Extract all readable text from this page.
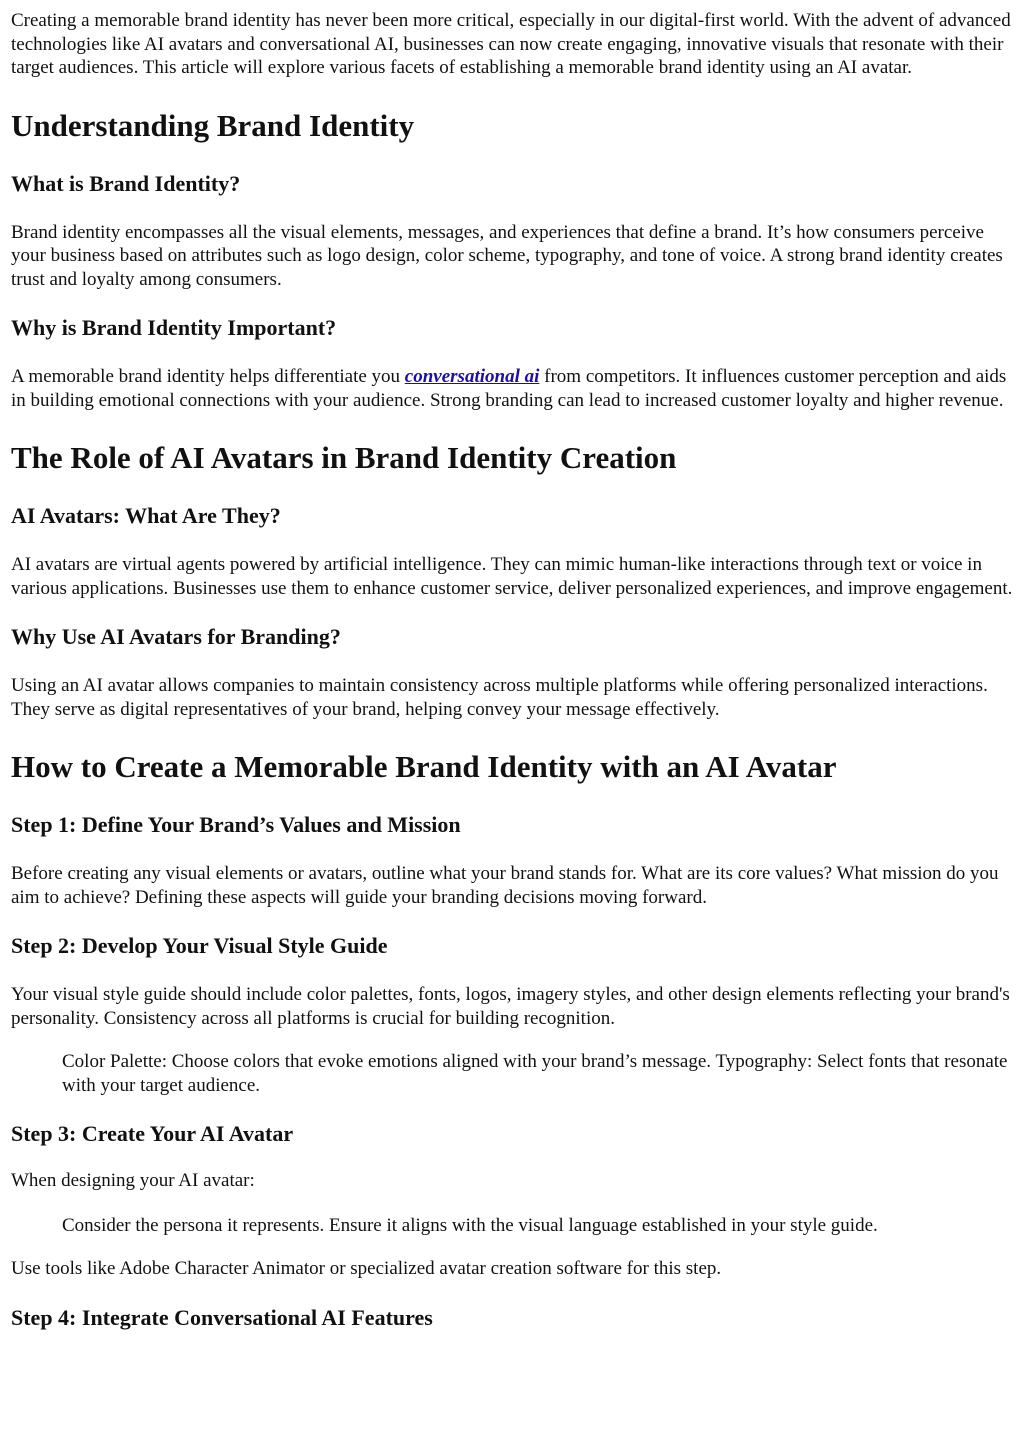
Creating a memorable brand identity has never been more critical, especially in our digital-first world. With the advent of advanced technologies like AI avatars and conversational AI, businesses can now create engaging, innovative visuals that resonate with their target audiences. This article will explore various facets of establishing a memorable brand identity using an AI avatar.

Understanding Brand Identity
What is Brand Identity?

Brand identity encompasses all the visual elements, messages, and experiences that define a brand. It’s how consumers perceive your business based on attributes such as logo design, color scheme, typography, and tone of voice. A strong brand identity creates trust and loyalty among consumers.

Why is Brand Identity Important?

A memorable brand identity helps differentiate you conversational ai from competitors. It influences customer perception and aids in building emotional connections with your audience. Strong branding can lead to increased customer loyalty and higher revenue.

The Role of AI Avatars in Brand Identity Creation
AI Avatars: What Are They?

AI avatars are virtual agents powered by artificial intelligence. They can mimic human-like interactions through text or voice in various applications. Businesses use them to enhance customer service, deliver personalized experiences, and improve engagement.

Why Use AI Avatars for Branding?

Using an AI avatar allows companies to maintain consistency across multiple platforms while offering personalized interactions. They serve as digital representatives of your brand, helping convey your message effectively.

How to Create a Memorable Brand Identity with an AI Avatar
Step 1: Define Your Brand’s Values and Mission

Before creating any visual elements or avatars, outline what your brand stands for. What are its core values? What mission do you aim to achieve? Defining these aspects will guide your branding decisions moving forward.

Step 2: Develop Your Visual Style Guide

Your visual style guide should include color palettes, fonts, logos, imagery styles, and other design elements reflecting your brand's personality. Consistency across all platforms is crucial for building recognition.

Color Palette: Choose colors that evoke emotions aligned with your brand’s message. Typography: Select fonts that resonate with your target audience.
Step 3: Create Your AI Avatar

When designing your AI avatar:

Consider the persona it represents. Ensure it aligns with the visual language established in your style guide.

Use tools like Adobe Character Animator or specialized avatar creation software for this step.

Step 4: Integrate Conversational AI Features
